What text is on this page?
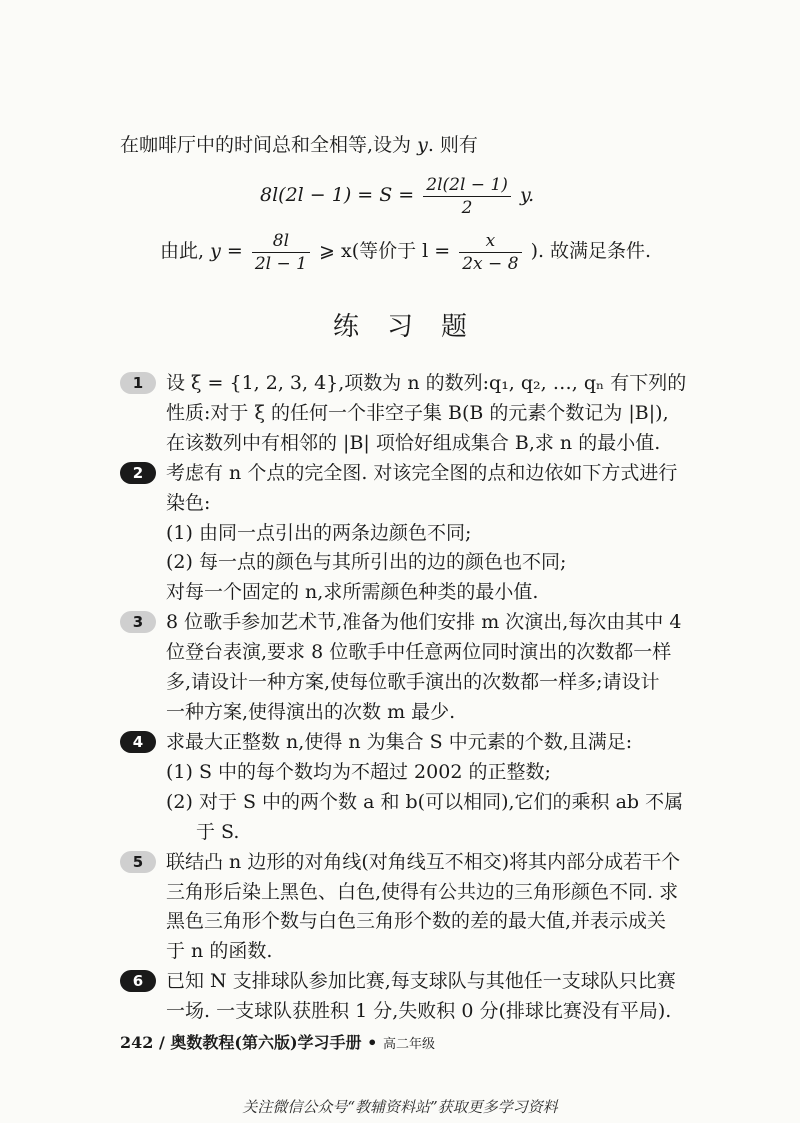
在咖啡厅中的时间总和全相等,设为 y. 则有
$8l(2l - 1) = S = \frac{2l(2l - 1)}{2} y$.
由此, $y = \frac{8l}{2l - 1}$ ⩾ x(等价于 $l = \frac{x}{2x - 8}$ ). 故满足条件.
练习题
1 设 ξ = {1, 2, 3, 4},项数为 n 的数列:q₁, q₂, …, qₙ 有下列的
性质:对于 ξ 的任何一个非空子集 B(B 的元素个数记为 |B|),
在该数列中有相邻的 |B| 项恰好组成集合 B,求 n 的最小值.
2 考虑有 n 个点的完全图. 对该完全图的点和边依如下方式进行
染色:
(1) 由同一点引出的两条边颜色不同;
(2) 每一点的颜色与其所引出的边的颜色也不同;
对每一个固定的 n,求所需颜色种类的最小值.
3 8 位歌手参加艺术节,准备为他们安排 m 次演出,每次由其中 4
位登台表演,要求 8 位歌手中任意两位同时演出的次数都一样
多,请设计一种方案,使每位歌手演出的次数都一样多;请设计
一种方案,使得演出的次数 m 最少.
4 求最大正整数 n,使得 n 为集合 S 中元素的个数,且满足:
(1) S 中的每个数均为不超过 2002 的正整数;
(2) 对于 S 中的两个数 a 和 b(可以相同),它们的乘积 ab 不属
于 S.
5 联结凸 n 边形的对角线(对角线互不相交)将其内部分成若干个
三角形后染上黑色、白色,使得有公共边的三角形颜色不同. 求
黑色三角形个数与白色三角形个数的差的最大值,并表示成关
于 n 的函数.
6 已知 N 支排球队参加比赛,每支球队与其他任一支球队只比赛
一场. 一支球队获胜积 1 分,失败积 0 分(排球比赛没有平局).
242 / 奥数教程(第六版)学习手册 • 高二年级
关注微信公众号“教辅资料站”获取更多学习资料
